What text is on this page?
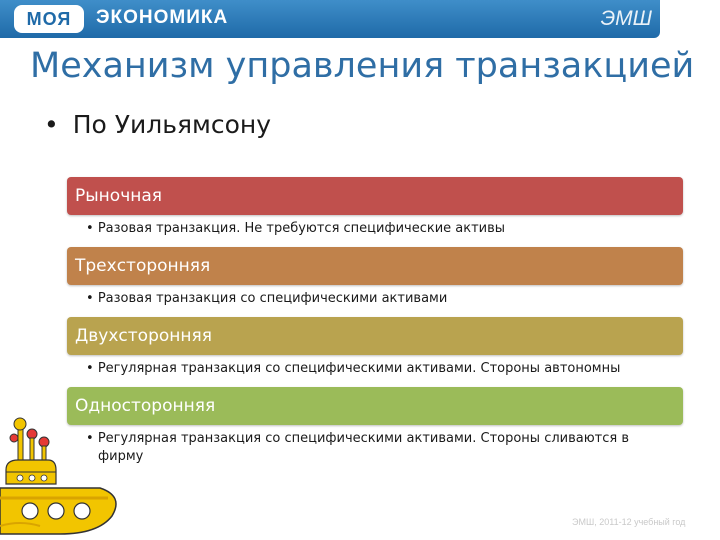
МОЯ	ЭКОНОМИКА	ЭМШ
Механизм управления транзакцией
• По Уильямсону
Рыночная
• Разовая транзакция. Не требуются специфические активы
Трехсторонняя
• Разовая транзакция со специфическими активами
Двухсторонняя
• Регулярная транзакция со специфическими активами. Стороны автономны
Односторонняя
• Регулярная транзакция со специфическими активами. Стороны сливаются в фирму
ЭМШ, 2011-12 учебный год
